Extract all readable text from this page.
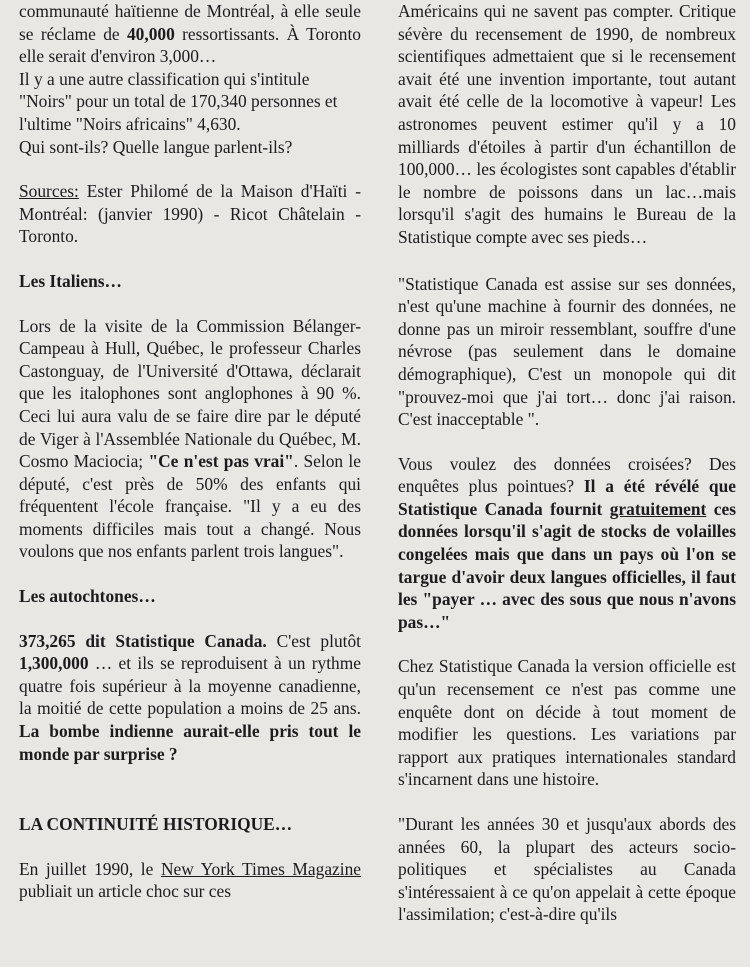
communauté haïtienne de Montréal, à elle seule se réclame de 40,000 ressortissants. À Toronto elle serait d'environ 3,000…

Il y a une autre classification qui s'intitule "Noirs" pour un total de 170,340 personnes et l'ultime "Noirs africains" 4,630.

Qui sont-ils? Quelle langue parlent-ils?

Sources: Ester Philomé de la Maison d'Haïti - Montréal: (janvier 1990) - Ricot Châtelain - Toronto.

Les Italiens…

Lors de la visite de la Commission Bélanger-Campeau à Hull, Québec, le professeur Charles Castonguay, de l'Université d'Ottawa, déclarait que les italophones sont anglophones à 90 %. Ceci lui aura valu de se faire dire par le député de Viger à l'Assemblée Nationale du Québec, M. Cosmo Maciocia; "Ce n'est pas vrai". Selon le député, c'est près de 50% des enfants qui fréquentent l'école française. "Il y a eu des moments difficiles mais tout a changé. Nous voulons que nos enfants parlent trois langues".

Les autochtones…

373,265 dit Statistique Canada. C'est plutôt 1,300,000 … et ils se reproduisent à un rythme quatre fois supérieur à la moyenne canadienne, la moitié de cette population a moins de 25 ans. La bombe indienne aurait-elle pris tout le monde par surprise ?

LA CONTINUITÉ HISTORIQUE…

En juillet 1990, le New York Times Magazine publiait un article choc sur ces

Américains qui ne savent pas compter. Critique sévère du recensement de 1990, de nombreux scientifiques admettaient que si le recensement avait été une invention importante, tout autant avait été celle de la locomotive à vapeur! Les astronomes peuvent estimer qu'il y a 10 milliards d'étoiles à partir d'un échantillon de 100,000… les écologistes sont capables d'établir le nombre de poissons dans un lac…mais lorsqu'il s'agit des humains le Bureau de la Statistique compte avec ses pieds…

"Statistique Canada est assise sur ses données, n'est qu'une machine à fournir des données, ne donne pas un miroir ressemblant, souffre d'une névrose (pas seulement dans le domaine démographique), C'est un monopole qui dit "prouvez-moi que j'ai tort… donc j'ai raison. C'est inacceptable ".

Vous voulez des données croisées? Des enquêtes plus pointues? Il a été révélé que Statistique Canada fournit gratuitement ces données lorsqu'il s'agit de stocks de volailles congelées mais que dans un pays où l'on se targue d'avoir deux langues officielles, il faut les "payer … avec des sous que nous n'avons pas…"

Chez Statistique Canada la version officielle est qu'un recensement ce n'est pas comme une enquête dont on décide à tout moment de modifier les questions. Les variations par rapport aux pratiques internationales standard s'incarnent dans une histoire.

"Durant les années 30 et jusqu'aux abords des années 60, la plupart des acteurs socio-politiques et spécialistes au Canada s'intéressaient à ce qu'on appelait à cette époque l'assimilation; c'est-à-dire qu'ils
